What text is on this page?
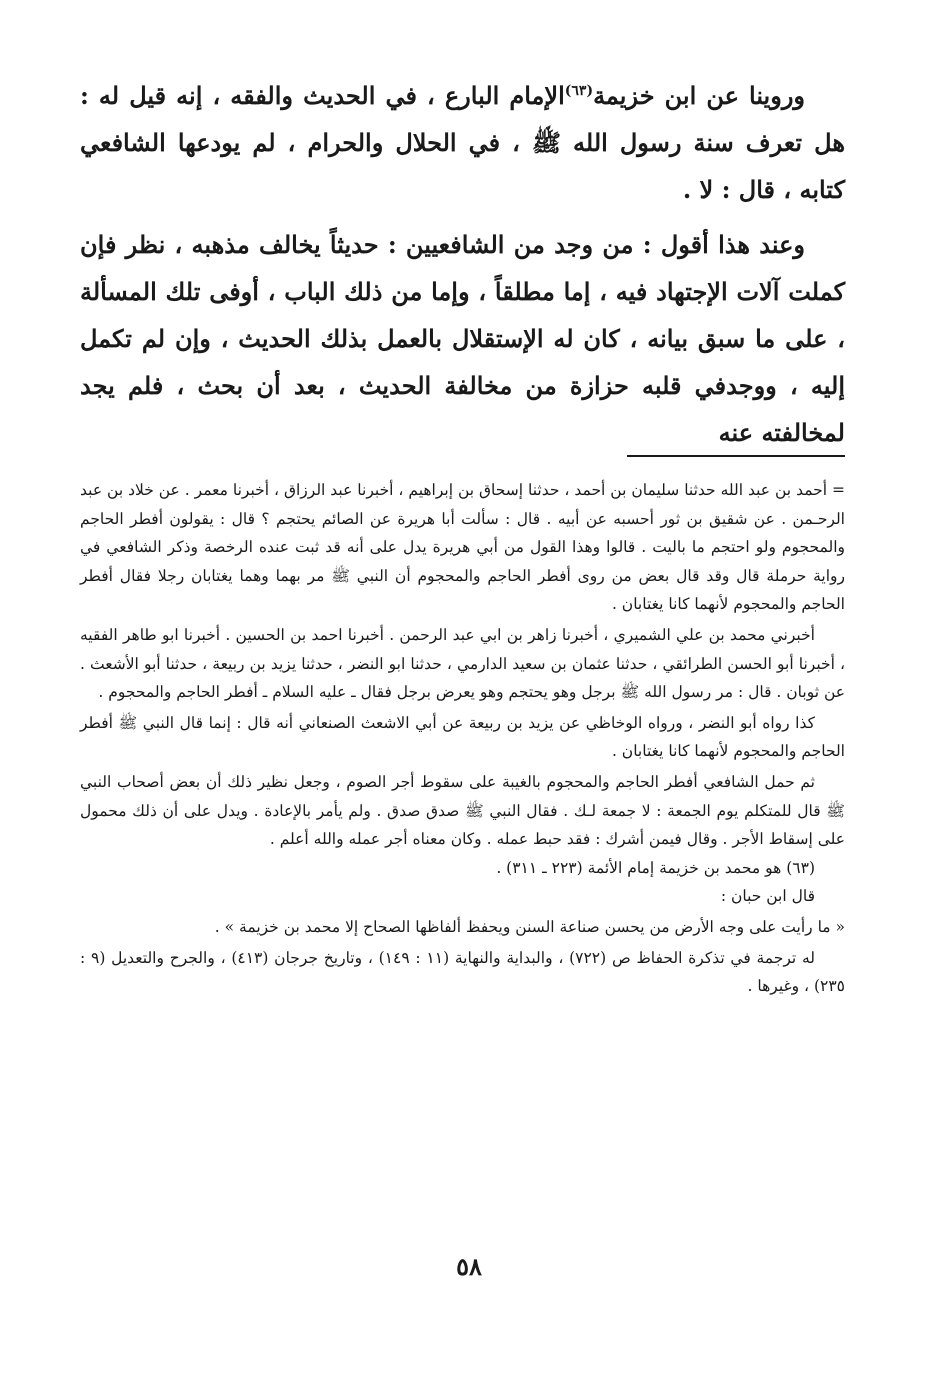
وروينا عن ابن خزيمة$^{(٦٣)}$الإمام البارع ، في الحديث والفقه ، إنه قيل له : هل تعرف سنة رسول الله ﷺ ، في الحلال والحرام ، لم يودعها الشافعي كتابه ، قال : لا .

وعند هذا أقول : من وجد من الشافعيين : حديثاً يخالف مذهبه ، نظر فإن كملت آلات الإجتهاد فيه ، إما مطلقاً ، وإما من ذلك الباب ، أوفى تلك المسألة ، على ما سبق بيانه ، كان له الإستقلال بالعمل بذلك الحديث ، وإن لم تكمل إليه ، ووجدفي قلبه حزازة من مخالفة الحديث ، بعد أن بحث ، فلم يجد لمخالفته عنه

= أحمد بن عبد الله حدثنا سليمان بن أحمد ، حدثنا إسحاق بن إبراهيم ، أخبرنا عبد الرزاق ، أخبرنا معمر . عن خلاد بن عبد الرحـمن . عن شقيق بن ثور أحسبه عن أبيه . قال : سألت أبا هريرة عن الصائم يحتجم ؟ قال : يقولون أفطر الحاجم والمحجوم ولو احتجم ما باليت . قالوا وهذا القول من أبي هريرة يدل على أنه قد ثبت عنده الرخصة وذكر الشافعي في رواية حرملة قال وقد قال بعض من روى أفطر الحاجم والمحجوم أن النبي ﷺ مر بهما وهما يغتابان رجلا فقال أفطر الحاجم والمحجوم لأنهما كانا يغتابان .

أخبرني محمد بن علي الشميري ، أخبرنا زاهر بن ابي عبد الرحمن . أخبرنا احمد بن الحسين . أخبرنا ابو طاهر الفقيه ، أخبرنا أبو الحسن الطرائقي ، حدثنا عثمان بن سعيد الدارمي ، حدثنا ابو النضر ، حدثنا يزيد بن ربيعة ، حدثنا أبو الأشعث . عن ثوبان . قال : مر رسول الله ﷺ برجل وهو يحتجم وهو يعرض برجل فقال ـ عليه السلام ـ أفطر الحاجم والمحجوم .

كذا رواه أبو النضر ، ورواه الوخاظي عن يزيد بن ربيعة عن أبي الاشعث الصنعاني أنه قال : إنما قال النبي ﷺ أفطر الحاجم والمحجوم لأنهما كانا يغتابان .

ثم حمل الشافعي أفطر الحاجم والمحجوم بالغيبة على سقوط أجر الصوم ، وجعل نظير ذلك أن بعض أصحاب النبي ﷺ قال للمتكلم يوم الجمعة : لا جمعة لـك . فقال النبي ﷺ صدق صدق . ولم يأمر بالإعادة . ويدل على أن ذلك محمول على إسقاط الأجر . وقال فيمن أشرك : فقد حبط عمله . وكان معناه أجر عمله والله أعلم .

(٦٣) هو محمد بن خزيمة إمام الأئمة (٢٢٣ ـ ٣١١) .

قال ابن حبان :

« ما رأيت على وجه الأرض من يحسن صناعة السنن ويحفظ ألفاظها الصحاح إلا محمد بن خزيمة » .

له ترجمة في تذكرة الحفاظ ص (٧٢٢) ، والبداية والنهاية (١١ : ١٤٩) ، وتاريخ جرجان (٤١٣) ، والجرح والتعديل (٩ : ٢٣٥) ، وغيرها .

٥٨
